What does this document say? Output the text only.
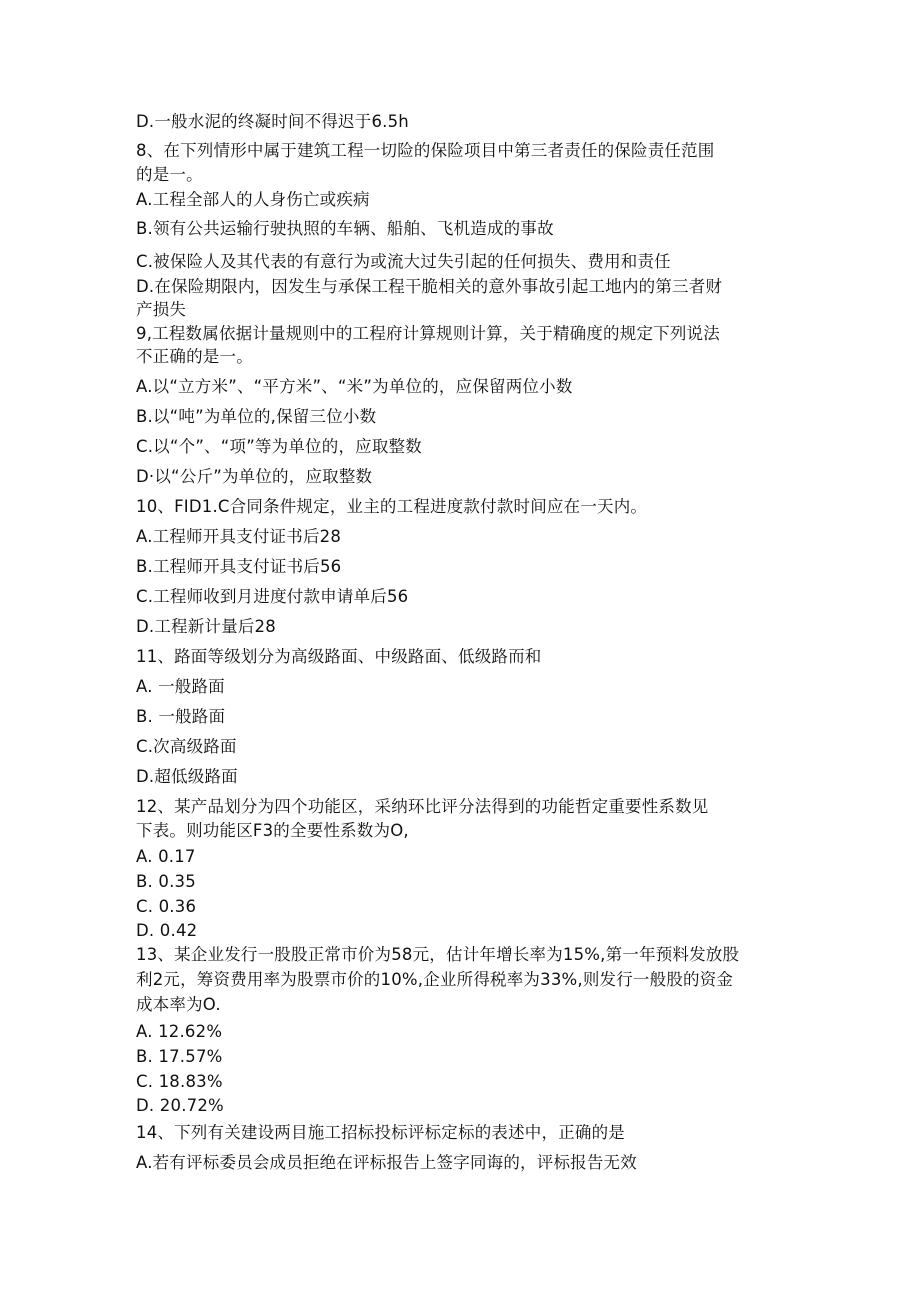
D.一般水泥的终凝时间不得迟于6.5h
8、在下列情形中属于建筑工程一切险的保险项目中第三者责任的保险责任范围
的是一。
A.工程全部人的人身伤亡或疾病
B.领有公共运输行驶执照的车辆、船舶、飞机造成的事故
C.被保险人及其代表的有意行为或流大过失引起的任何损失、费用和责任
D.在保险期限内，因发生与承保工程干脆相关的意外事故引起工地内的第三者财
产损失
9,工程数属依据计量规则中的工程府计算规则计算，关于精确度的规定下列说法
不正确的是一。
A.以“立方米”、“平方米”、“米”为单位的，应保留两位小数
B.以“吨”为单位的,保留三位小数
C.以“个”、“项”等为单位的，应取整数
D·以“公斤”为单位的，应取整数
10、FID1.C合同条件规定，业主的工程进度款付款时间应在一天内。
A.工程师开具支付证书后28
B.工程师开具支付证书后56
C.工程师收到月进度付款申请单后56
D.工程新计量后28
11、路面等级划分为高级路面、中级路面、低级路而和
A. 一般路面
B. 一般路面
C.次高级路面
D.超低级路面
12、某产品划分为四个功能区，采纳环比评分法得到的功能哲定重要性系数见
下表。则功能区F3的全要性系数为O,
A. 0.17
B. 0.35
C. 0.36
D. 0.42
13、某企业发行一股股正常市价为58元，估计年增长率为15%,第一年预料发放股
利2元，筹资费用率为股票市价的10%,企业所得税率为33%,则发行一般股的资金
成本率为O.
A. 12.62%
B. 17.57%
C. 18.83%
D. 20.72%
14、下列有关建设两目施工招标投标评标定标的表述中，正确的是
A.若有评标委员会成员拒绝在评标报告上签字同诲的，评标报告无效
